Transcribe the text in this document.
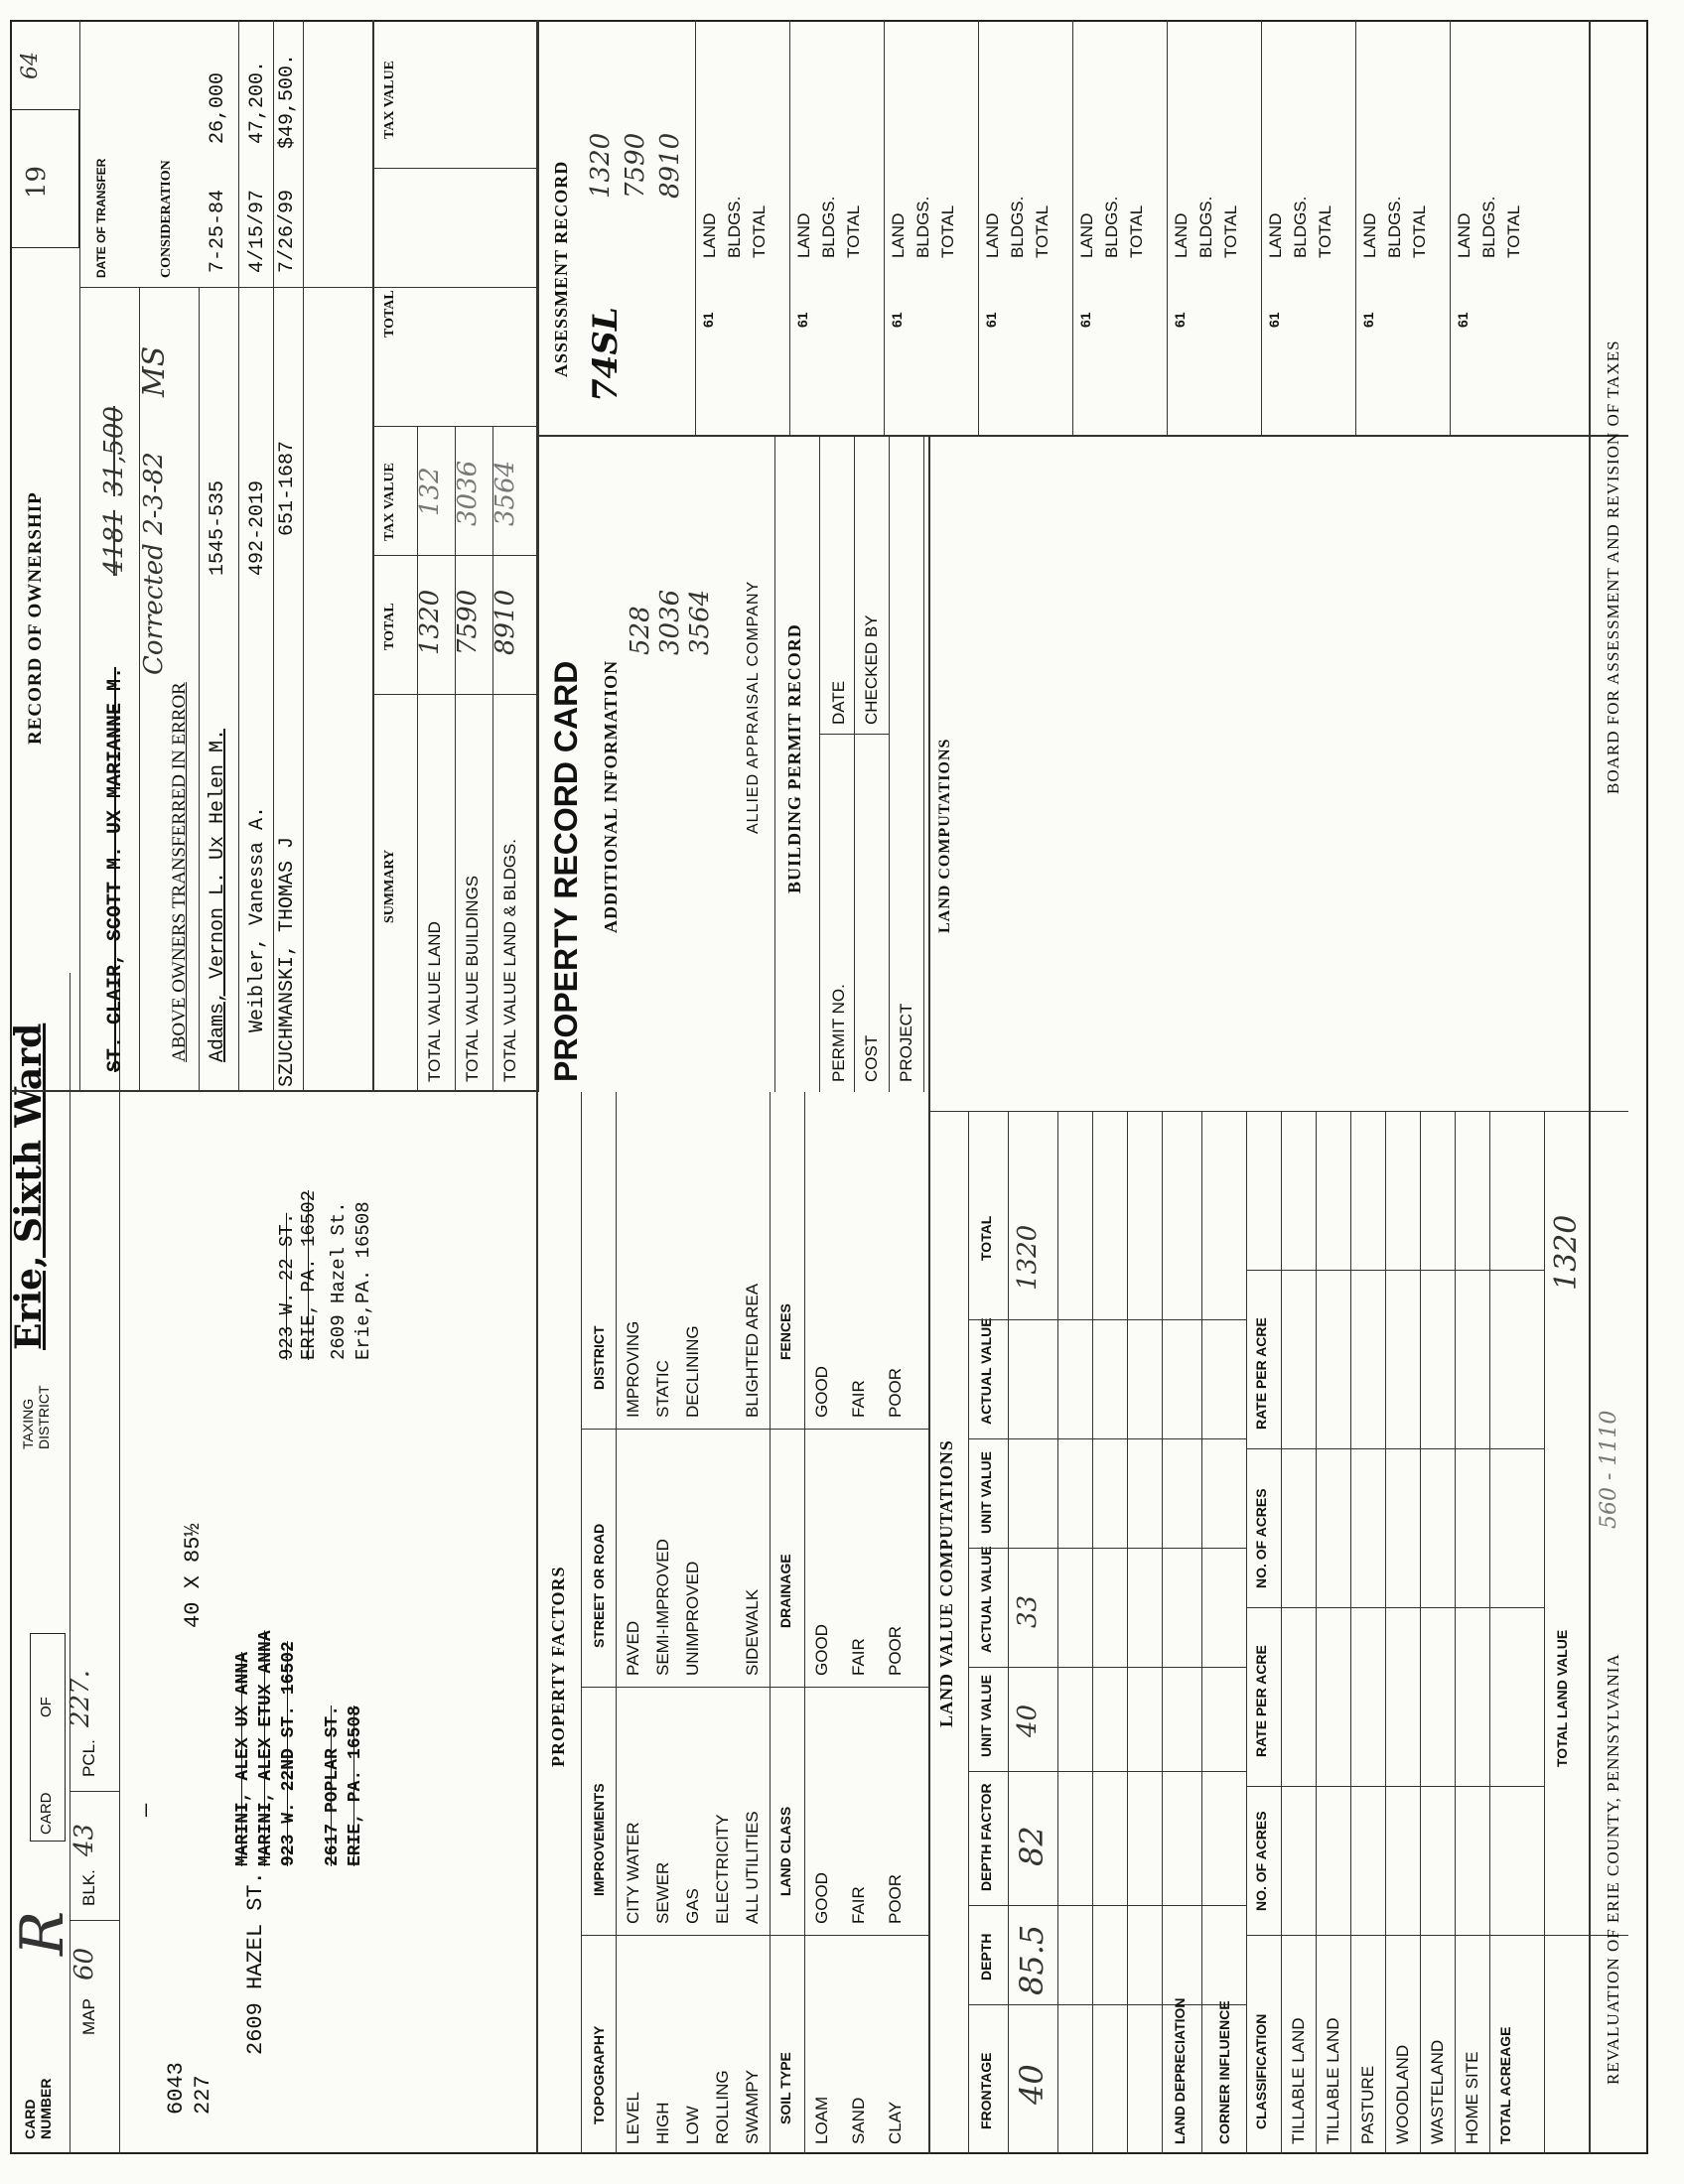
CARD NUMBER
MAP
60
BLK.
43
PCL.
227.
R
CARD
OF
TAXING DISTRICT
Erie, Sixth Ward
6043 227
2609 HAZEL ST.
—
40 X 85½
MARINI, ALEX UX ANNA MARINI, ALEX ETUX ANNA 923 W. 22ND ST. 16502 2617 POPLAR ST. ERIE, PA. 16508
923 W. 22 ST. ERIE, PA. 16502 2609 Hazel St. Erie,PA. 16508
RECORD OF OWNERSHIP
19
64
DATE OF TRANSFER	CONSIDERATION
ST. CLAIR, SCOTT M. UX MARIANNE M.
4181
31,500
Corrected 2-3-82
MS
ABOVE OWNERS TRANSFERRED IN ERROR Adams, Vernon L. Ux Helen M.
1545-535
7-25-84
26,000
Weibler, Vanessa A.
492-2019
4/15/97
47,200.
SZUCHMANSKI, THOMAS J
651-1687
7/26/99
$49,500.
SUMMARY
TOTAL
TAX VALUE
TOTAL
TAX VALUE
TOTAL VALUE LAND
1320
132
TOTAL VALUE BUILDINGS
7590
3036
TOTAL VALUE LAND & BLDGS.
8910
3564
PROPERTY RECORD CARD ADDITIONAL INFORMATION
528 3036 3564 ALLIED APPRAISAL COMPANY BUILDING PERMIT RECORD
PERMIT NO.
DATE
COST
CHECKED BY
PROJECT
ASSESSMENT RECORD 74SL
1320 7590 8910
61
LAND BLDGS. TOTAL
61
LAND BLDGS. TOTAL
61
LAND BLDGS. TOTAL
61
LAND BLDGS. TOTAL
61
LAND BLDGS. TOTAL
61
LAND BLDGS. TOTAL
61
LAND BLDGS. TOTAL
61
LAND BLDGS. TOTAL
61
LAND BLDGS. TOTAL
PROPERTY FACTORS
TOPOGRAPHY
IMPROVEMENTS
STREET OR ROAD
DISTRICT
LEVEL HIGH LOW ROLLING SWAMPY
CITY WATER SEWER GAS ELECTRICITY ALL UTILITIES
PAVED SEMI-IMPROVED UNIMPROVED SIDEWALK
IMPROVING STATIC DECLINING BLIGHTED AREA
SOIL TYPE
LAND CLASS
DRAINAGE
FENCES
LOAM SAND CLAY
GOOD FAIR POOR
GOOD FAIR POOR
GOOD FAIR POOR
LAND VALUE COMPUTATIONS
LAND COMPUTATIONS
FRONTAGE
DEPTH
DEPTH FACTOR
UNIT VALUE
ACTUAL VALUE
UNIT VALUE
ACTUAL VALUE
TOTAL
40
85.5
82
40
33
1320
LAND DEPRECIATION CORNER INFLUENCE CLASSIFICATION
NO. OF ACRES
RATE PER ACRE
NO. OF ACRES
RATE PER ACRE
TILLABLE LAND TILLABLE LAND PASTURE WOODLAND WASTELAND HOME SITE TOTAL ACREAGE
TOTAL LAND VALUE
1320
REVALUATION OF ERIE COUNTY, PENNSYLVANIA
560 - 1110
BOARD FOR ASSESSMENT AND REVISION OF TAXES
